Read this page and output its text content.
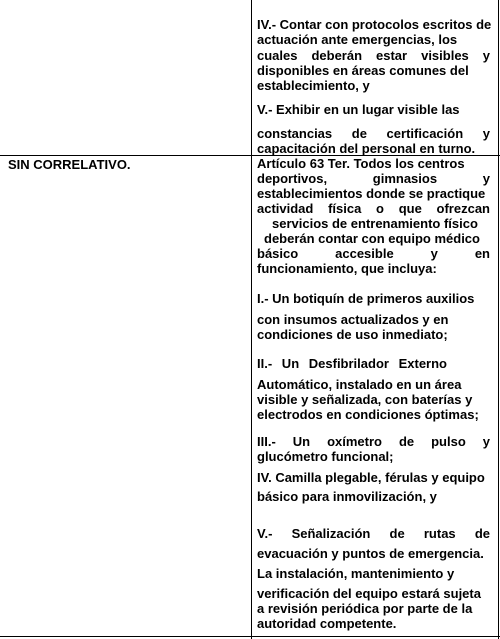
SIN CORRELATIVO.
IV.- Contar con protocolos escritos de
actuación ante emergencias, los
cuales deberán estar visibles y
disponibles en áreas comunes del
establecimiento, y
V.- Exhibir en un lugar visible las
constancias de certificación y
capacitación del personal en turno.
Artículo 63 Ter. Todos los centros
deportivos, gimnasios y
establecimientos donde se practique
actividad física o que ofrezcan
servicios de entrenamiento físico
deberán contar con equipo médico
básico accesible y en
funcionamiento, que incluya:
I.- Un botiquín de primeros auxilios
con insumos actualizados y en
condiciones de uso inmediato;
II.- Un Desfibrilador Externo
Automático, instalado en un área
visible y señalizada, con baterías y
electrodos en condiciones óptimas;
III.- Un oxímetro de pulso y
glucómetro funcional;
IV. Camilla plegable, férulas y equipo
básico para inmovilización, y
V.- Señalización de rutas de
evacuación y puntos de emergencia.
La instalación, mantenimiento y
verificación del equipo estará sujeta
a revisión periódica por parte de la
autoridad competente.
